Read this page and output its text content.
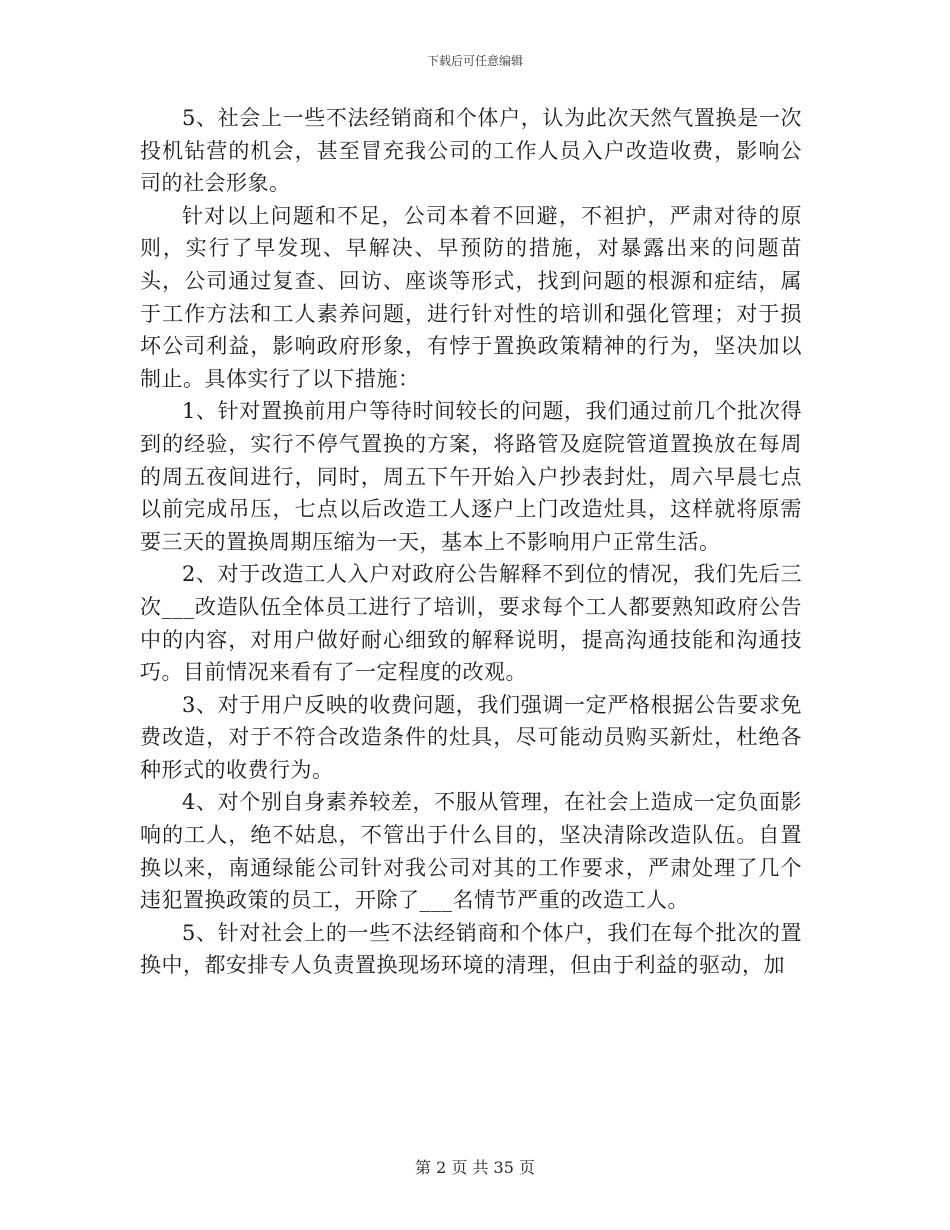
下载后可任意编辑

5、社会上一些不法经销商和个体户，认为此次天然气置换是一次投机钻营的机会，甚至冒充我公司的工作人员入户改造收费，影响公司的社会形象。

针对以上问题和不足，公司本着不回避，不袒护，严肃对待的原则，实行了早发现、早解决、早预防的措施，对暴露出来的问题苗头，公司通过复查、回访、座谈等形式，找到问题的根源和症结，属于工作方法和工人素养问题，进行针对性的培训和强化管理；对于损坏公司利益，影响政府形象，有悖于置换政策精神的行为，坚决加以制止。具体实行了以下措施：

1、针对置换前用户等待时间较长的问题，我们通过前几个批次得到的经验，实行不停气置换的方案，将路管及庭院管道置换放在每周的周五夜间进行，同时，周五下午开始入户抄表封灶，周六早晨七点以前完成吊压，七点以后改造工人逐户上门改造灶具，这样就将原需要三天的置换周期压缩为一天，基本上不影响用户正常生活。

2、对于改造工人入户对政府公告解释不到位的情况，我们先后三次___改造队伍全体员工进行了培训，要求每个工人都要熟知政府公告中的内容，对用户做好耐心细致的解释说明，提高沟通技能和沟通技巧。目前情况来看有了一定程度的改观。

3、对于用户反映的收费问题，我们强调一定严格根据公告要求免费改造，对于不符合改造条件的灶具，尽可能动员购买新灶，杜绝各种形式的收费行为。

4、对个别自身素养较差，不服从管理，在社会上造成一定负面影响的工人，绝不姑息，不管出于什么目的，坚决清除改造队伍。自置换以来，南通绿能公司针对我公司对其的工作要求，严肃处理了几个违犯置换政策的员工，开除了___名情节严重的改造工人。

5、针对社会上的一些不法经销商和个体户，我们在每个批次的置换中，都安排专人负责置换现场环境的清理，但由于利益的驱动，加

第 2 页 共 35 页
